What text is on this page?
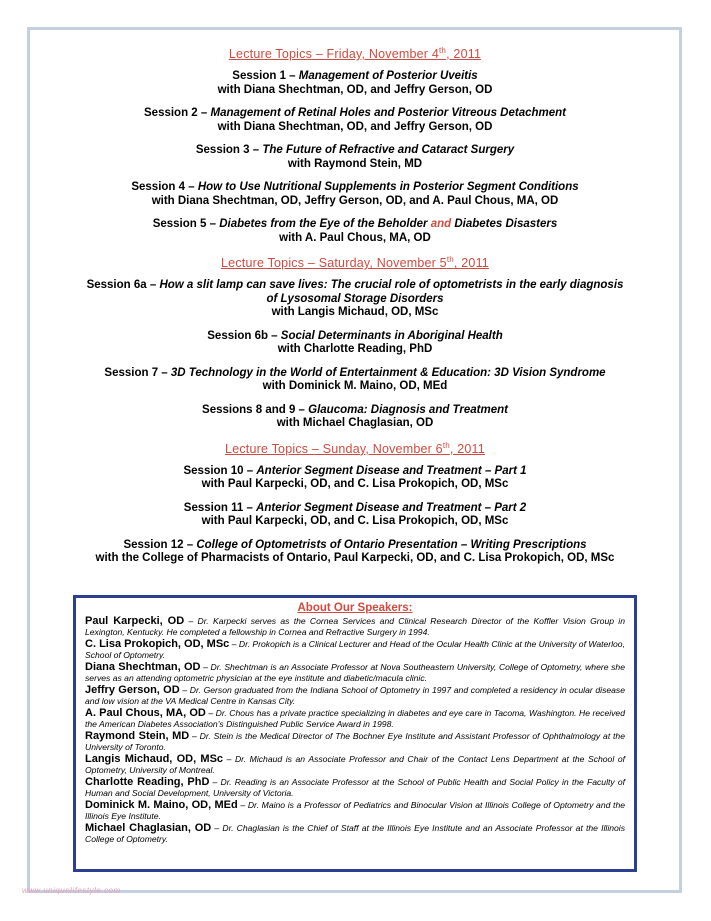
Lecture Topics – Friday, November 4th, 2011
Session 1 – Management of Posterior Uveitis
with Diana Shechtman, OD, and Jeffry Gerson, OD
Session 2 – Management of Retinal Holes and Posterior Vitreous Detachment
with Diana Shechtman, OD, and Jeffry Gerson, OD
Session 3 – The Future of Refractive and Cataract Surgery
with Raymond Stein, MD
Session 4 – How to Use Nutritional Supplements in Posterior Segment Conditions
with Diana Shechtman, OD, Jeffry Gerson, OD, and A. Paul Chous, MA, OD
Session 5 – Diabetes from the Eye of the Beholder and Diabetes Disasters
with A. Paul Chous, MA, OD
Lecture Topics – Saturday, November 5th, 2011
Session 6a – How a slit lamp can save lives: The crucial role of optometrists in the early diagnosis of Lysosomal Storage Disorders
with Langis Michaud, OD, MSc
Session 6b – Social Determinants in Aboriginal Health
with Charlotte Reading, PhD
Session 7 – 3D Technology in the World of Entertainment & Education: 3D Vision Syndrome
with Dominick M. Maino, OD, MEd
Sessions 8 and 9 – Glaucoma: Diagnosis and Treatment
with Michael Chaglasian, OD
Lecture Topics – Sunday, November 6th, 2011
Session 10 – Anterior Segment Disease and Treatment – Part 1
with Paul Karpecki, OD, and C. Lisa Prokopich, OD, MSc
Session 11 – Anterior Segment Disease and Treatment – Part 2
with Paul Karpecki, OD, and C. Lisa Prokopich, OD, MSc
Session 12 – College of Optometrists of Ontario Presentation – Writing Prescriptions
with the College of Pharmacists of Ontario, Paul Karpecki, OD, and C. Lisa Prokopich, OD, MSc
About Our Speakers:
Paul Karpecki, OD – Dr. Karpecki serves as the Cornea Services and Clinical Research Director of the Koffler Vision Group in Lexington, Kentucky. He completed a fellowship in Cornea and Refractive Surgery in 1994.
C. Lisa Prokopich, OD, MSc – Dr. Prokopich is a Clinical Lecturer and Head of the Ocular Health Clinic at the University of Waterloo, School of Optometry.
Diana Shechtman, OD – Dr. Shechtman is an Associate Professor at Nova Southeastern University, College of Optometry, where she serves as an attending optometric physician at the eye institute and diabetic/macula clinic.
Jeffry Gerson, OD – Dr. Gerson graduated from the Indiana School of Optometry in 1997 and completed a residency in ocular disease and low vision at the VA Medical Centre in Kansas City.
A. Paul Chous, MA, OD – Dr. Chous has a private practice specializing in diabetes and eye care in Tacoma, Washington. He received the American Diabetes Association’s Distinguished Public Service Award in 1998.
Raymond Stein, MD – Dr. Stein is the Medical Director of The Bochner Eye Institute and Assistant Professor of Ophthalmology at the University of Toronto.
Langis Michaud, OD, MSc – Dr. Michaud is an Associate Professor and Chair of the Contact Lens Department at the School of Optometry, University of Montreal.
Charlotte Reading, PhD – Dr. Reading is an Associate Professor at the School of Public Health and Social Policy in the Faculty of Human and Social Development, University of Victoria.
Dominick M. Maino, OD, MEd – Dr. Maino is a Professor of Pediatrics and Binocular Vision at Illinois College of Optometry and the Illinois Eye Institute.
Michael Chaglasian, OD – Dr. Chaglasian is the Chief of Staff at the Illinois Eye Institute and an Associate Professor at the Illinois College of Optometry.
www.uniquelifestyle.com
